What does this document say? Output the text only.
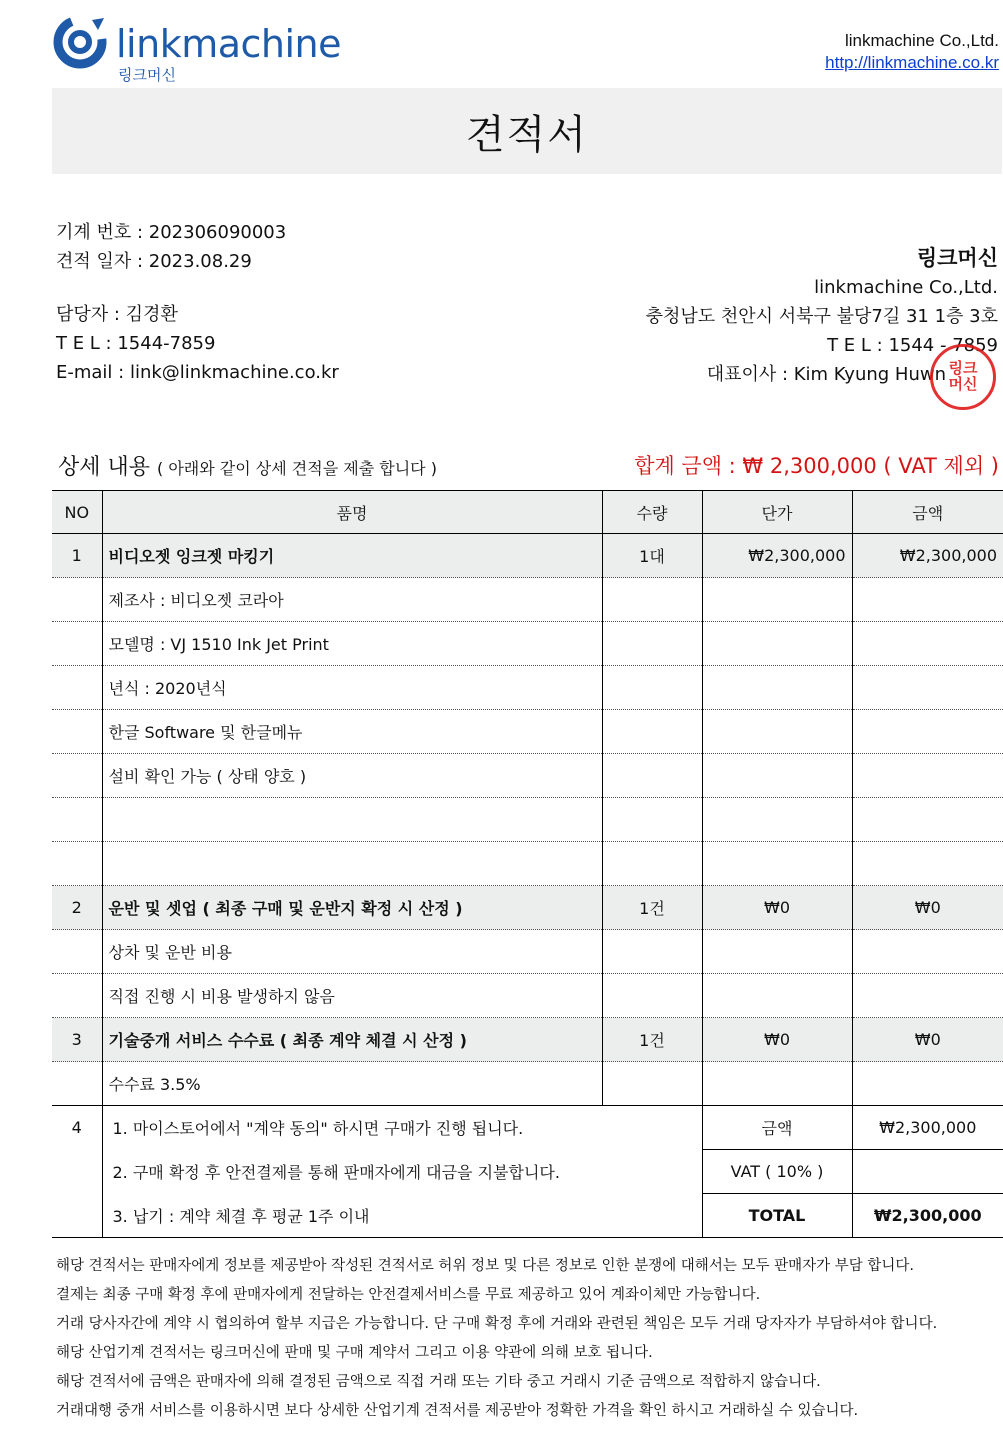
linkmachine
링크머신
linkmachine Co.,Ltd.
http://linkmachine.co.kr
견적서
기계 번호 : 202306090003
견적 일자 : 2023.08.29
담당자 : 김경환
T E L : 1544-7859
E-mail : link@linkmachine.co.kr
링크머신
linkmachine Co.,Ltd.
충청남도 천안시 서북구 불당7길 31 1층 3호
T E L : 1544 - 7859
대표이사 : Kim Kyung Huwn 링크
머신
상세 내용 ( 아래와 같이 상세 견적을 제출 합니다 )	합계 금액 : ₩ 2,300,000 ( VAT 제외 )
NO	품명	수량	단가	금액
1	비디오젯 잉크젯 마킹기	1대	₩2,300,000	₩2,300,000
	제조사 : 비디오젯 코라아			
	모델명 : VJ 1510 Ink Jet Print			
	년식 : 2020년식			
	한글 Software 및 한글메뉴			
	설비 확인 가능 ( 상태 양호 )			

2	운반 및 셋업 ( 최종 구매 및 운반지 확정 시 산정 )	1건	₩0	₩0
	상차 및 운반 비용			
	직접 진행 시 비용 발생하지 않음			
3	기술중개 서비스 수수료 ( 최종 계약 체결 시 산정 )	1건	₩0	₩0
	수수료 3.5%			
4	1. 마이스토어에서 "계약 동의" 하시면 구매가 진행 됩니다.		금액	₩2,300,000
	2. 구매 확정 후 안전결제를 통해 판매자에게 대금을 지불합니다.		VAT ( 10% )	
	3. 납기 : 계약 체결 후 평균 1주 이내		TOTAL	₩2,300,000
해당 견적서는 판매자에게 정보를 제공받아 작성된 견적서로 허위 정보 및 다른 정보로 인한 분쟁에 대해서는 모두 판매자가 부담 합니다.
결제는 최종 구매 확정 후에 판매자에게 전달하는 안전결제서비스를 무료 제공하고 있어 계좌이체만 가능합니다.
거래 당사자간에 계약 시 협의하여 할부 지급은 가능합니다. 단 구매 확정 후에 거래와 관련된 책임은 모두 거래 당자자가 부담하셔야 합니다.
해당 산업기계 견적서는 링크머신에 판매 및 구매 계약서 그리고 이용 약관에 의해 보호 됩니다.
해당 견적서에 금액은 판매자에 의해 결정된 금액으로 직접 거래 또는 기타 중고 거래시 기준 금액으로 적합하지 않습니다.
거래대행 중개 서비스를 이용하시면 보다 상세한 산업기계 견적서를 제공받아 정확한 가격을 확인 하시고 거래하실 수 있습니다.
